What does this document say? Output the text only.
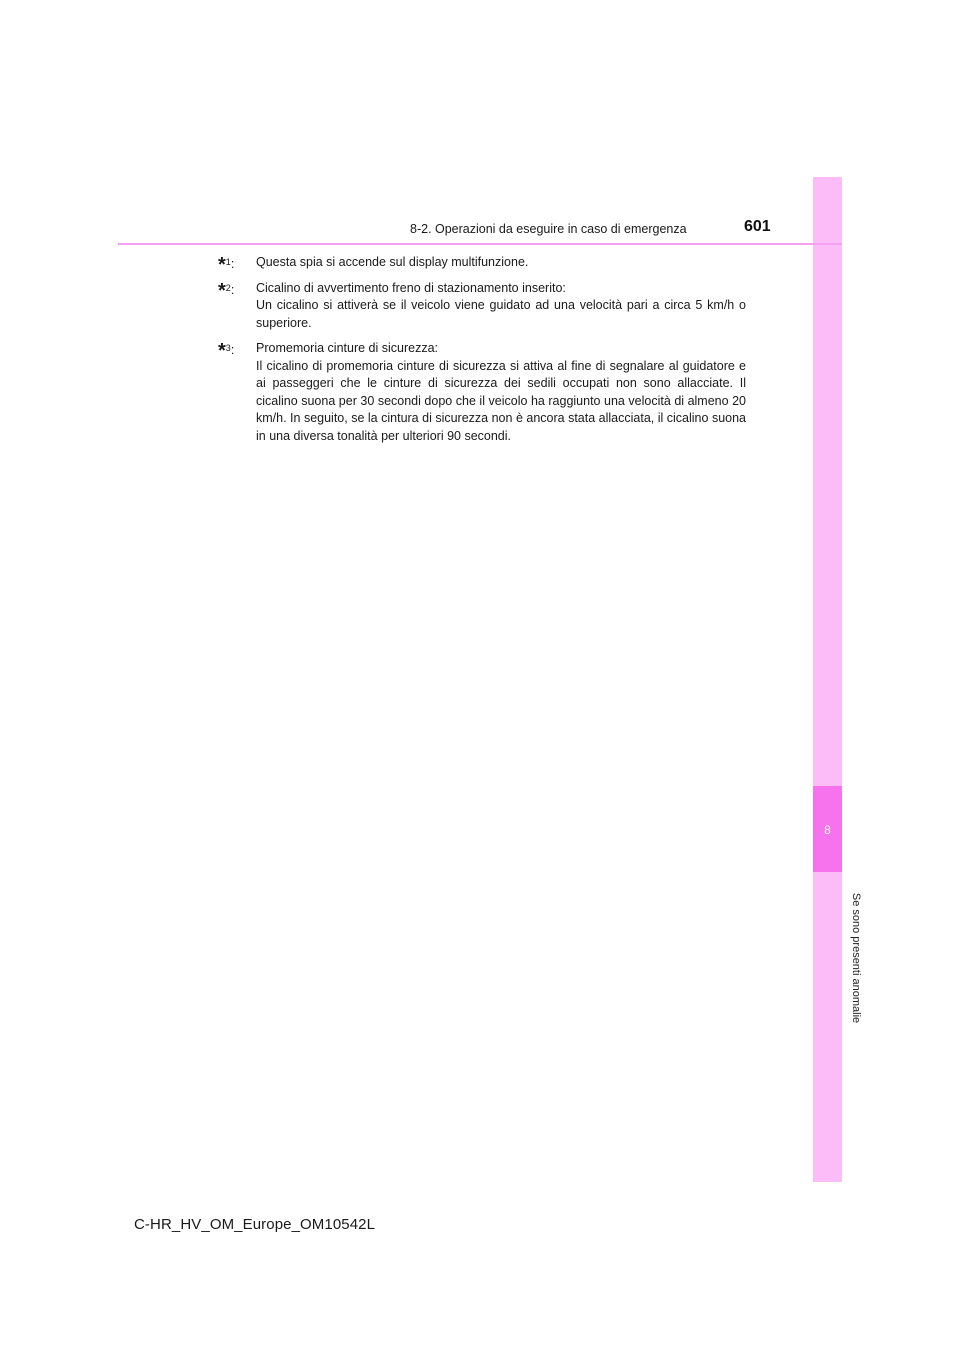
8
Se sono presenti anomalie
8-2. Operazioni da eseguire in caso di emergenza	601
*$^1$: Questa spia si accende sul display multifunzione.
*$^2$: Cicalino di avvertimento freno di stazionamento inserito:
Un cicalino si attiverà se il veicolo viene guidato ad una velocità pari a circa 5 km/h o superiore.
*$^3$: Promemoria cinture di sicurezza:
Il cicalino di promemoria cinture di sicurezza si attiva al fine di segnalare al guidatore e ai passeggeri che le cinture di sicurezza dei sedili occupati non sono allacciate. Il cicalino suona per 30 secondi dopo che il veicolo ha raggiunto una velocità di almeno 20 km/h. In seguito, se la cintura di sicurezza non è ancora stata allacciata, il cicalino suona in una diversa tonalità per ulteriori 90 secondi.
C-HR_HV_OM_Europe_OM10542L
